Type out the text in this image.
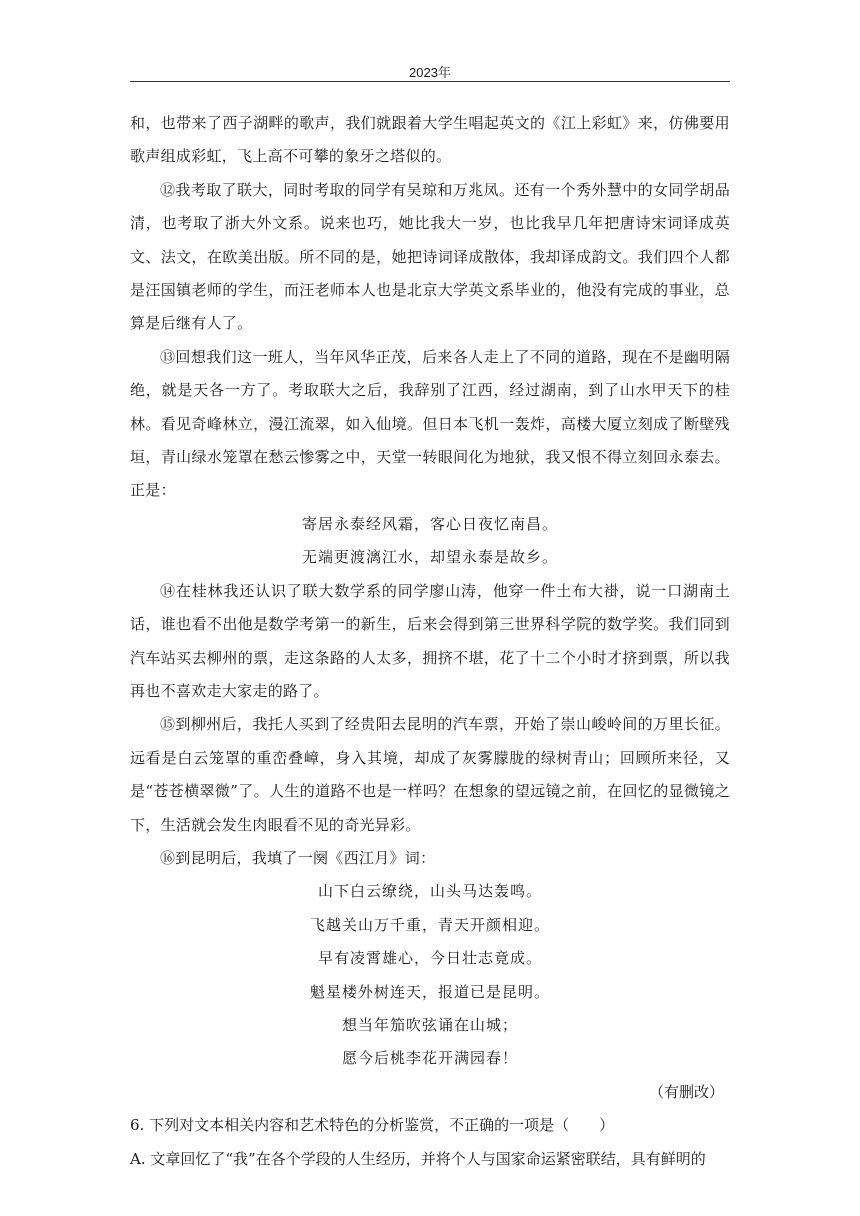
2023年

和，也带来了西子湖畔的歌声，我们就跟着大学生唱起英文的《江上彩虹》来，仿佛要用歌声组成彩虹，飞上高不可攀的象牙之塔似的。

⑫我考取了联大，同时考取的同学有吴琼和万兆凤。还有一个秀外慧中的女同学胡品清，也考取了浙大外文系。说来也巧，她比我大一岁，也比我早几年把唐诗宋词译成英文、法文，在欧美出版。所不同的是，她把诗词译成散体，我却译成韵文。我们四个人都是汪国镇老师的学生，而汪老师本人也是北京大学英文系毕业的，他没有完成的事业，总算是后继有人了。

⑬回想我们这一班人，当年风华正茂，后来各人走上了不同的道路，现在不是幽明隔绝，就是天各一方了。考取联大之后，我辞别了江西，经过湖南，到了山水甲天下的桂林。看见奇峰林立，漫江流翠，如入仙境。但日本飞机一轰炸，高楼大厦立刻成了断壁残垣，青山绿水笼罩在愁云惨雾之中，天堂一转眼间化为地狱，我又恨不得立刻回永泰去。正是：

寄居永泰经风霜，客心日夜忆南昌。

无端更渡漓江水，却望永泰是故乡。

⑭在桂林我还认识了联大数学系的同学廖山涛，他穿一件土布大褂，说一口湖南土话，谁也看不出他是数学考第一的新生，后来会得到第三世界科学院的数学奖。我们同到汽车站买去柳州的票，走这条路的人太多，拥挤不堪，花了十二个小时才挤到票，所以我再也不喜欢走大家走的路了。

⑮到柳州后，我托人买到了经贵阳去昆明的汽车票，开始了崇山峻岭间的万里长征。远看是白云笼罩的重峦叠嶂，身入其境，却成了灰雾朦胧的绿树青山；回顾所来径，又是“苍苍横翠微”了。人生的道路不也是一样吗？在想象的望远镜之前，在回忆的显微镜之下，生活就会发生肉眼看不见的奇光异彩。

⑯到昆明后，我填了一阕《西江月》词：

山下白云缭绕，山头马达轰鸣。

飞越关山万千重，青天开颜相迎。

早有凌霄雄心，今日壮志竟成。

魁星楼外树连天，报道已是昆明。

想当年笳吹弦诵在山城；

愿今后桃李花开满园春！

（有删改）

6. 下列对文本相关内容和艺术特色的分析鉴赏，不正确的一项是（　　）

A. 文章回忆了“我”在各个学段的人生经历，并将个人与国家命运紧密联结，具有鲜明的
